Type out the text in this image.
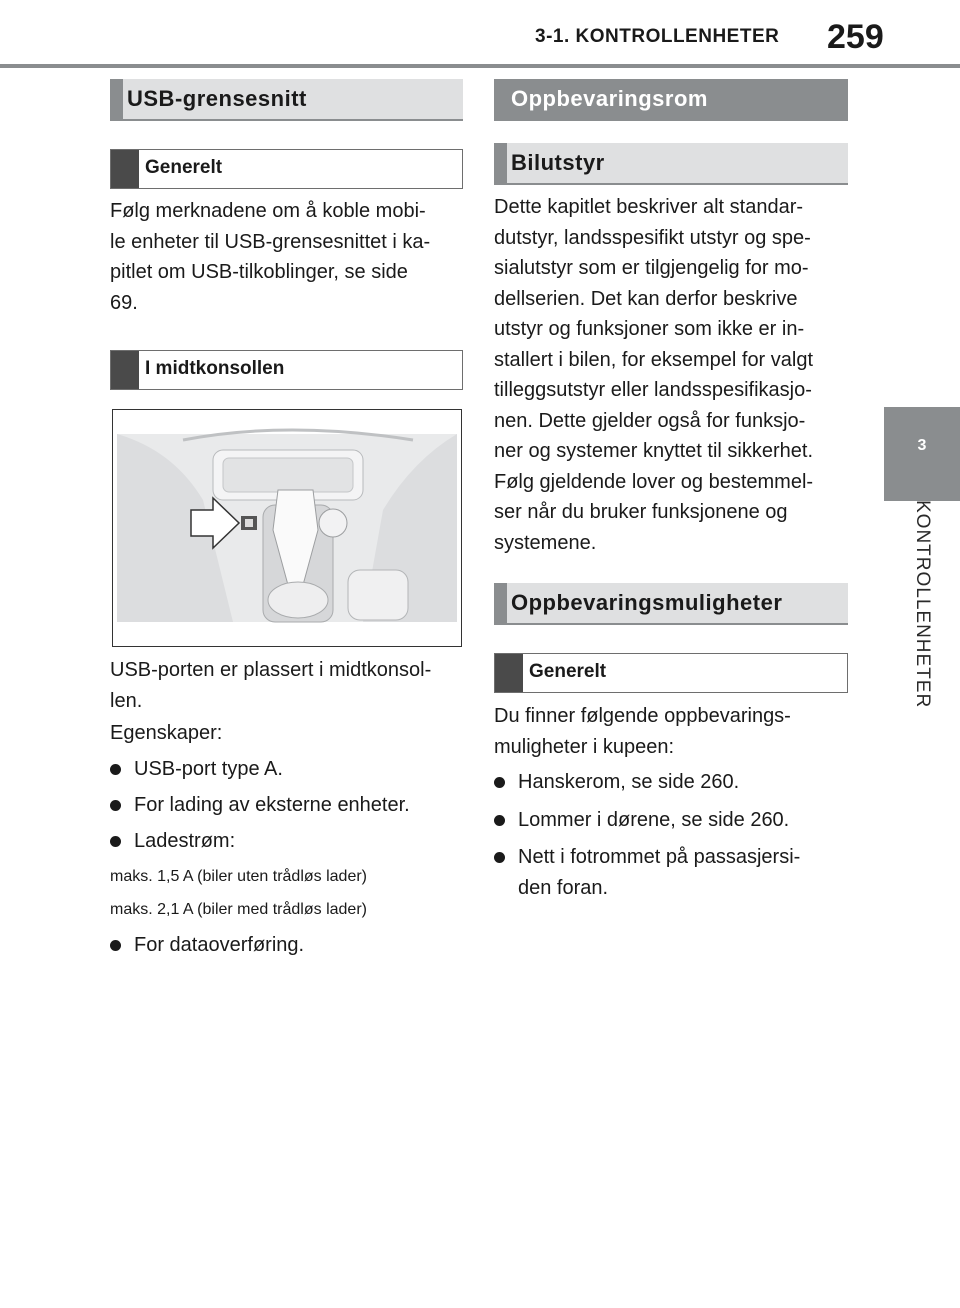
3-1. KONTROLLENHETER 259
3
KONTROLLENHETER
USB-grensesnitt
Generelt
Følg merknadene om å koble mobi-
le enheter til USB-grensesnittet i ka-
pitlet om USB-tilkoblinger, se side
69.
I midtkonsollen
USB-porten er plassert i midtkonsol-
len.
Egenskaper:
USB-port type A.
For lading av eksterne enheter.
Ladestrøm:
maks. 1,5 A (biler uten trådløs lader)
maks. 2,1 A (biler med trådløs lader)
For dataoverføring.
Oppbevaringsrom
Bilutstyr
Dette kapitlet beskriver alt standar-
dutstyr, landsspesifikt utstyr og spe-
sialutstyr som er tilgjengelig for mo-
dellserien. Det kan derfor beskrive
utstyr og funksjoner som ikke er in-
stallert i bilen, for eksempel for valgt
tilleggsutstyr eller landsspesifikasjo-
nen. Dette gjelder også for funksjo-
ner og systemer knyttet til sikkerhet.
Følg gjeldende lover og bestemmel-
ser når du bruker funksjonene og
systemene.
Oppbevaringsmuligheter
Generelt
Du finner følgende oppbevarings-
muligheter i kupeen:
Hanskerom, se side 260.
Lommer i dørene, se side 260.
Nett i fotrommet på passasjersi-
den foran.
